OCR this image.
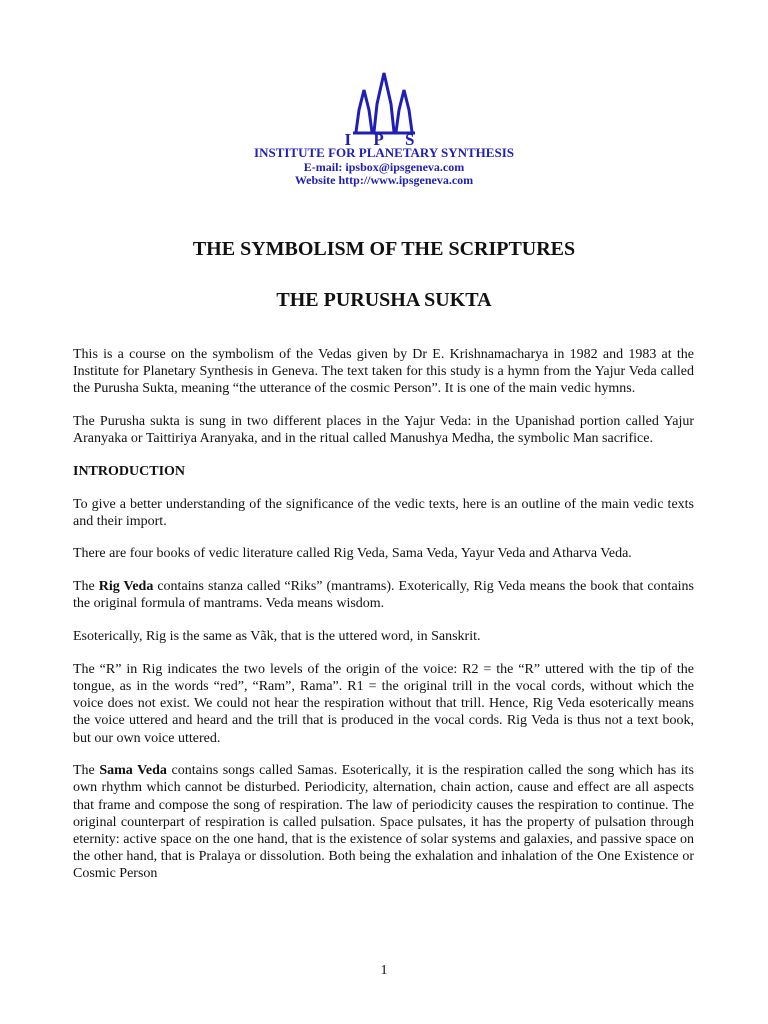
I P S
INSTITUTE FOR PLANETARY SYNTHESIS
E-mail: ipsbox@ipsgeneva.com
Website http://www.ipsgeneva.com
THE SYMBOLISM OF THE SCRIPTURES
THE PURUSHA SUKTA

This is a course on the symbolism of the Vedas given by Dr E. Krishnamacharya in 1982 and 1983 at the Institute for Planetary Synthesis in Geneva. The text taken for this study is a hymn from the Yajur Veda called the Purusha Sukta, meaning “the utterance of the cosmic Person”. It is one of the main vedic hymns.

The Purusha sukta is sung in two different places in the Yajur Veda: in the Upanishad portion called Yajur Aranyaka or Taittiriya Aranyaka, and in the ritual called Manushya Medha, the symbolic Man sacrifice.

INTRODUCTION

To give a better understanding of the significance of the vedic texts, here is an outline of the main vedic texts and their import.

There are four books of vedic literature called Rig Veda, Sama Veda, Yayur Veda and Atharva Veda.

The Rig Veda contains stanza called “Riks” (mantrams). Exoterically, Rig Veda means the book that contains the original formula of mantrams. Veda means wisdom.

Esoterically, Rig is the same as Vãk, that is the uttered word, in Sanskrit.

The “R” in Rig indicates the two levels of the origin of the voice: R2 = the “R” uttered with the tip of the tongue, as in the words “red”, “Ram”, Rama”. R1 = the original trill in the vocal cords, without which the voice does not exist. We could not hear the respiration without that trill. Hence, Rig Veda esoterically means the voice uttered and heard and the trill that is produced in the vocal cords. Rig Veda is thus not a text book, but our own voice uttered.

The Sama Veda contains songs called Samas. Esoterically, it is the respiration called the song which has its own rhythm which cannot be disturbed. Periodicity, alternation, chain action, cause and effect are all aspects that frame and compose the song of respiration. The law of periodicity causes the respiration to continue. The original counterpart of respiration is called pulsation. Space pulsates, it has the property of pulsation through eternity: active space on the one hand, that is the existence of solar systems and galaxies, and passive space on the other hand, that is Pralaya or dissolution. Both being the exhalation and inhalation of the One Existence or Cosmic Person

1
